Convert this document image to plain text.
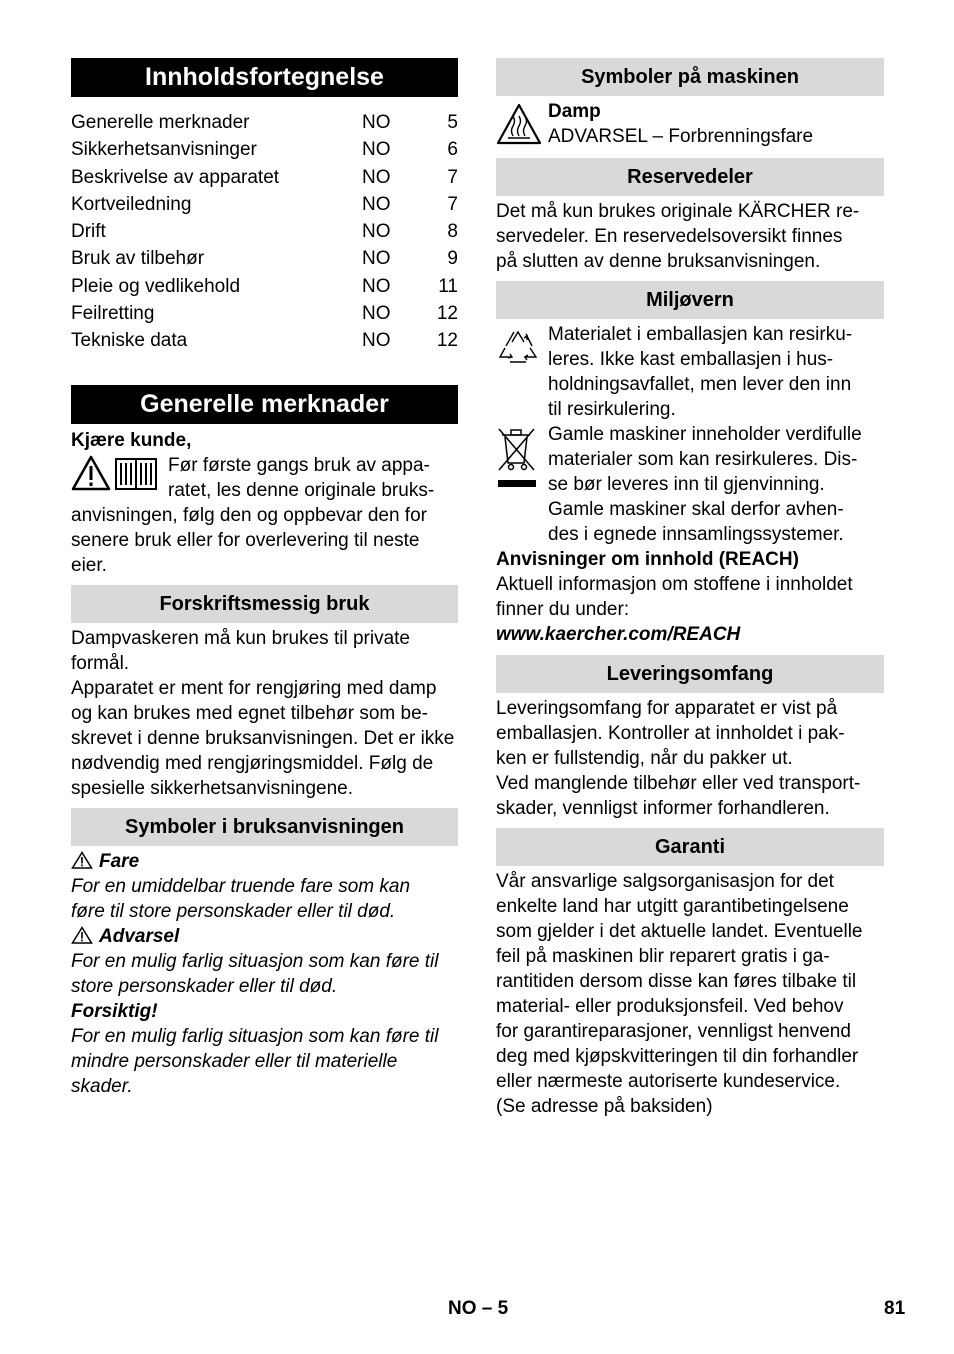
Innholdsfortegnelse
Generelle merknader	NO	5
Sikkerhetsanvisninger	NO	6
Beskrivelse av apparatet	NO	7
Kortveiledning	NO	7
Drift	NO	8
Bruk av tilbehør	NO	9
Pleie og vedlikehold	NO	11
Feilretting	NO	12
Tekniske data	NO	12
Generelle merknader

Kjære kunde,

Før første gangs bruk av appa-

ratet, les denne originale bruks-

anvisningen, følg den og oppbevar den for

senere bruk eller for overlevering til neste

eier.

Forskriftsmessig bruk

Dampvaskeren må kun brukes til private

formål.

Apparatet er ment for rengjøring med damp

og kan brukes med egnet tilbehør som be-

skrevet i denne bruksanvisningen. Det er ikke

nødvendig med rengjøringsmiddel. Følg de

spesielle sikkerhetsanvisningene.

Symboler i bruksanvisningen

Fare

For en umiddelbar truende fare som kan

føre til store personskader eller til død.

Advarsel

For en mulig farlig situasjon som kan føre til

store personskader eller til død.

Forsiktig!

For en mulig farlig situasjon som kan føre til

mindre personskader eller til materielle

skader.

Symboler på maskinen

Damp

ADVARSEL – Forbrenningsfare

Reservedeler

Det må kun brukes originale KÄRCHER re-

servedeler. En reservedelsoversikt finnes

på slutten av denne bruksanvisningen.

Miljøvern

Materialet i emballasjen kan resirku-

leres. Ikke kast emballasjen i hus-

holdningsavfallet, men lever den inn

til resirkulering.

Gamle maskiner inneholder verdifulle

materialer som kan resirkuleres. Dis-

se bør leveres inn til gjenvinning.

Gamle maskiner skal derfor avhen-

des i egnede innsamlingssystemer.

Anvisninger om innhold (REACH)

Aktuell informasjon om stoffene i innholdet

finner du under:

www.kaercher.com/REACH

Leveringsomfang

Leveringsomfang for apparatet er vist på

emballasjen. Kontroller at innholdet i pak-

ken er fullstendig, når du pakker ut.

Ved manglende tilbehør eller ved transport-

skader, vennligst informer forhandleren.

Garanti

Vår ansvarlige salgsorganisasjon for det

enkelte land har utgitt garantibetingelsene

som gjelder i det aktuelle landet. Eventuelle

feil på maskinen blir reparert gratis i ga-

rantitiden dersom disse kan føres tilbake til

material- eller produksjonsfeil. Ved behov

for garantireparasjoner, vennligst henvend

deg med kjøpskvitteringen til din forhandler

eller nærmeste autoriserte kundeservice.

(Se adresse på baksiden)

NO – 5	81
